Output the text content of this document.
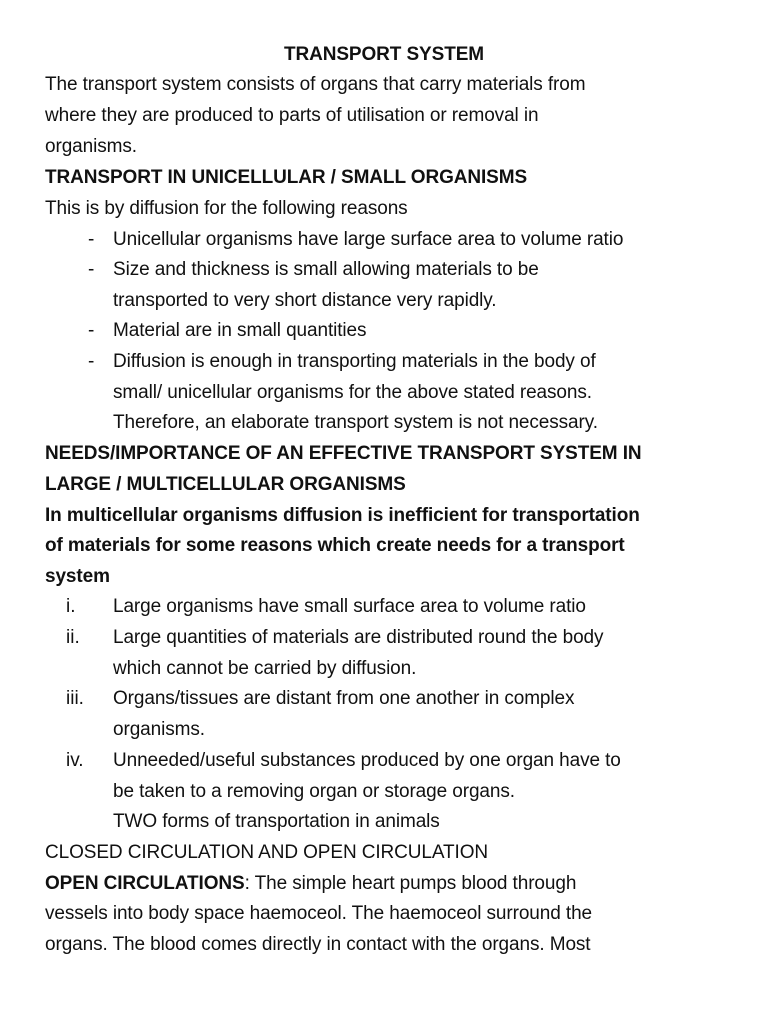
TRANSPORT SYSTEM
The transport system consists of organs that carry materials from
where they are produced to parts of utilisation or removal in
organisms.
TRANSPORT IN UNICELLULAR / SMALL ORGANISMS
This is by diffusion for the following reasons
- Unicellular organisms have large surface area to volume ratio
- Size and thickness is small allowing materials to be
transported to very short distance very rapidly.
- Material are in small quantities
- Diffusion is enough in transporting materials in the body of
small/ unicellular organisms for the above stated reasons.
Therefore, an elaborate transport system is not necessary.
NEEDS/IMPORTANCE OF AN EFFECTIVE TRANSPORT SYSTEM IN
LARGE / MULTICELLULAR ORGANISMS
In multicellular organisms diffusion is inefficient for transportation
of materials for some reasons which create needs for a transport
system
i. Large organisms have small surface area to volume ratio
ii. Large quantities of materials are distributed round the body
which cannot be carried by diffusion.
iii. Organs/tissues are distant from one another in complex
organisms.
iv. Unneeded/useful substances produced by one organ have to
be taken to a removing organ or storage organs.
TWO forms of transportation in animals
CLOSED CIRCULATION AND OPEN CIRCULATION
OPEN CIRCULATIONS: The simple heart pumps blood through
vessels into body space haemoceol. The haemoceol surround the
organs. The blood comes directly in contact with the organs. Most
